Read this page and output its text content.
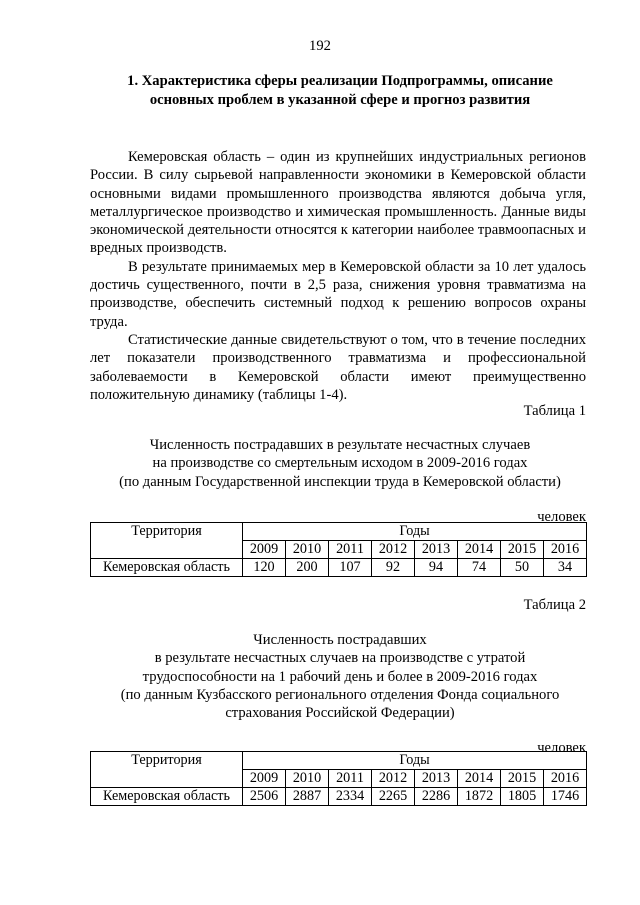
192
1. Характеристика сферы реализации Подпрограммы, описание
основных проблем в указанной сфере и прогноз развития

Кемеровская область – один из крупнейших индустриальных регионов России. В силу сырьевой направленности экономики в Кемеровской области основными видами промышленного производства являются добыча угля, металлургическое производство и химическая промышленность. Данные виды экономической деятельности относятся к категории наиболее травмоопасных и вредных производств.

В результате принимаемых мер в Кемеровской области за 10 лет удалось достичь существенного, почти в 2,5 раза, снижения уровня травматизма на производстве, обеспечить системный подход к решению вопросов охраны труда.

Статистические данные свидетельствуют о том, что в течение последних лет показатели производственного травматизма и профессиональной заболеваемости в Кемеровской области имеют преимущественно положительную динамику (таблицы 1-4).

Таблица 1
Численность пострадавших в результате несчастных случаев
на производстве со смертельным исходом в 2009-2016 годах
(по данным Государственной инспекции труда в Кемеровской области)
человек
Территория	Годы							
	2009	2010	2011	2012	2013	2014	2015	2016
Кемеровская область	120	200	107	92	94	74	50	34
Таблица 2
Численность пострадавших
в результате несчастных случаев на производстве с утратой
трудоспособности на 1 рабочий день и более в 2009-2016 годах
(по данным Кузбасского регионального отделения Фонда социального
страхования Российской Федерации)
человек
Территория	Годы							
	2009	2010	2011	2012	2013	2014	2015	2016
Кемеровская область	2506	2887	2334	2265	2286	1872	1805	1746
